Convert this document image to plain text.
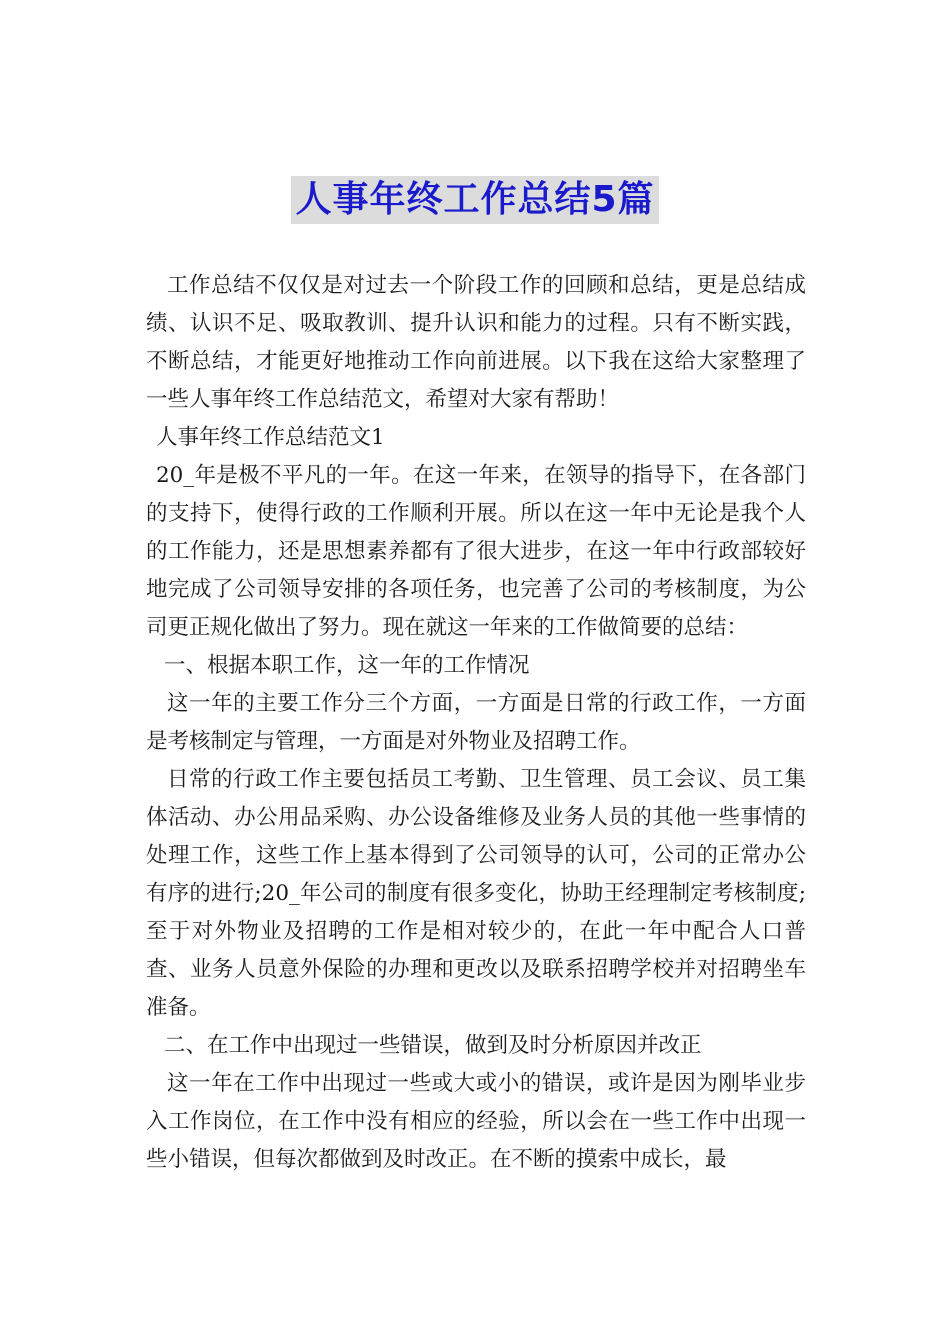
人事年终工作总结5篇

工作总结不仅仅是对过去一个阶段工作的回顾和总结，更是总结成绩、认识不足、吸取教训、提升认识和能力的过程。只有不断实践，不断总结，才能更好地推动工作向前进展。以下我在这给大家整理了一些人事年终工作总结范文，希望对大家有帮助！

人事年终工作总结范文1

20_年是极不平凡的一年。在这一年来，在领导的指导下，在各部门的支持下，使得行政的工作顺利开展。所以在这一年中无论是我个人的工作能力，还是思想素养都有了很大进步，在这一年中行政部较好地完成了公司领导安排的各项任务，也完善了公司的考核制度，为公司更正规化做出了努力。现在就这一年来的工作做简要的总结：

一、根据本职工作，这一年的工作情况

这一年的主要工作分三个方面，一方面是日常的行政工作，一方面是考核制定与管理，一方面是对外物业及招聘工作。

日常的行政工作主要包括员工考勤、卫生管理、员工会议、员工集体活动、办公用品采购、办公设备维修及业务人员的其他一些事情的处理工作，这些工作上基本得到了公司领导的认可，公司的正常办公有序的进行;20_年公司的制度有很多变化，协助王经理制定考核制度;至于对外物业及招聘的工作是相对较少的，在此一年中配合人口普查、业务人员意外保险的办理和更改以及联系招聘学校并对招聘坐车准备。

二、在工作中出现过一些错误，做到及时分析原因并改正

这一年在工作中出现过一些或大或小的错误，或许是因为刚毕业步入工作岗位，在工作中没有相应的经验，所以会在一些工作中出现一些小错误，但每次都做到及时改正。在不断的摸索中成长，最
